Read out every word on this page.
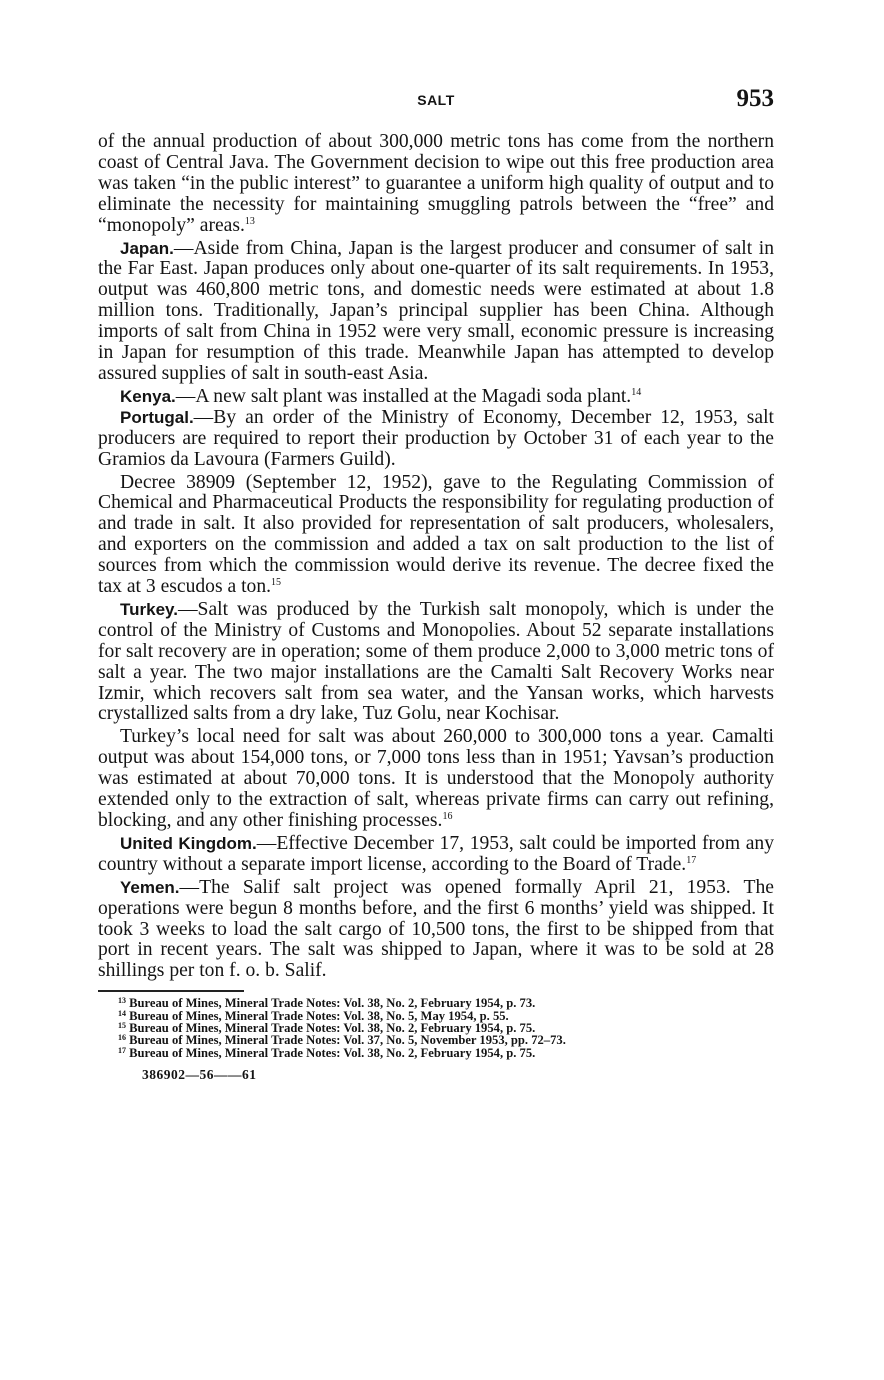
SALT	953

of the annual production of about 300,000 metric tons has come from the northern coast of Central Java. The Government decision to wipe out this free production area was taken “in the public interest” to guarantee a uniform high quality of output and to eliminate the necessity for maintaining smuggling patrols between the “free” and “monopoly” areas.$^{13}$

Japan.—Aside from China, Japan is the largest producer and consumer of salt in the Far East. Japan produces only about one-quarter of its salt requirements. In 1953, output was 460,800 metric tons, and domestic needs were estimated at about 1.8 million tons. Traditionally, Japan’s principal supplier has been China. Although imports of salt from China in 1952 were very small, economic pressure is increasing in Japan for resumption of this trade. Meanwhile Japan has attempted to develop assured supplies of salt in south-east Asia.

Kenya.—A new salt plant was installed at the Magadi soda plant.$^{14}$

Portugal.—By an order of the Ministry of Economy, December 12, 1953, salt producers are required to report their production by October 31 of each year to the Gramios da Lavoura (Farmers Guild).

Decree 38909 (September 12, 1952), gave to the Regulating Commission of Chemical and Pharmaceutical Products the responsibility for regulating production of and trade in salt. It also provided for representation of salt producers, wholesalers, and exporters on the commission and added a tax on salt production to the list of sources from which the commission would derive its revenue. The decree fixed the tax at 3 escudos a ton.$^{15}$

Turkey.—Salt was produced by the Turkish salt monopoly, which is under the control of the Ministry of Customs and Monopolies. About 52 separate installations for salt recovery are in operation; some of them produce 2,000 to 3,000 metric tons of salt a year. The two major installations are the Camalti Salt Recovery Works near Izmir, which recovers salt from sea water, and the Yansan works, which harvests crystallized salts from a dry lake, Tuz Golu, near Kochisar.

Turkey’s local need for salt was about 260,000 to 300,000 tons a year. Camalti output was about 154,000 tons, or 7,000 tons less than in 1951; Yavsan’s production was estimated at about 70,000 tons. It is understood that the Monopoly authority extended only to the extraction of salt, whereas private firms can carry out refining, blocking, and any other finishing processes.$^{16}$

United Kingdom.—Effective December 17, 1953, salt could be imported from any country without a separate import license, according to the Board of Trade.$^{17}$

Yemen.—The Salif salt project was opened formally April 21, 1953. The operations were begun 8 months before, and the first 6 months’ yield was shipped. It took 3 weeks to load the salt cargo of 10,500 tons, the first to be shipped from that port in recent years. The salt was shipped to Japan, where it was to be sold at 28 shillings per ton f. o. b. Salif.

$^{13}$ Bureau of Mines, Mineral Trade Notes: Vol. 38, No. 2, February 1954, p. 73.
$^{14}$ Bureau of Mines, Mineral Trade Notes: Vol. 38, No. 5, May 1954, p. 55.
$^{15}$ Bureau of Mines, Mineral Trade Notes: Vol. 38, No. 2, February 1954, p. 75.
$^{16}$ Bureau of Mines, Mineral Trade Notes: Vol. 37, No. 5, November 1953, pp. 72–73.
$^{17}$ Bureau of Mines, Mineral Trade Notes: Vol. 38, No. 2, February 1954, p. 75.
386902—56——61
